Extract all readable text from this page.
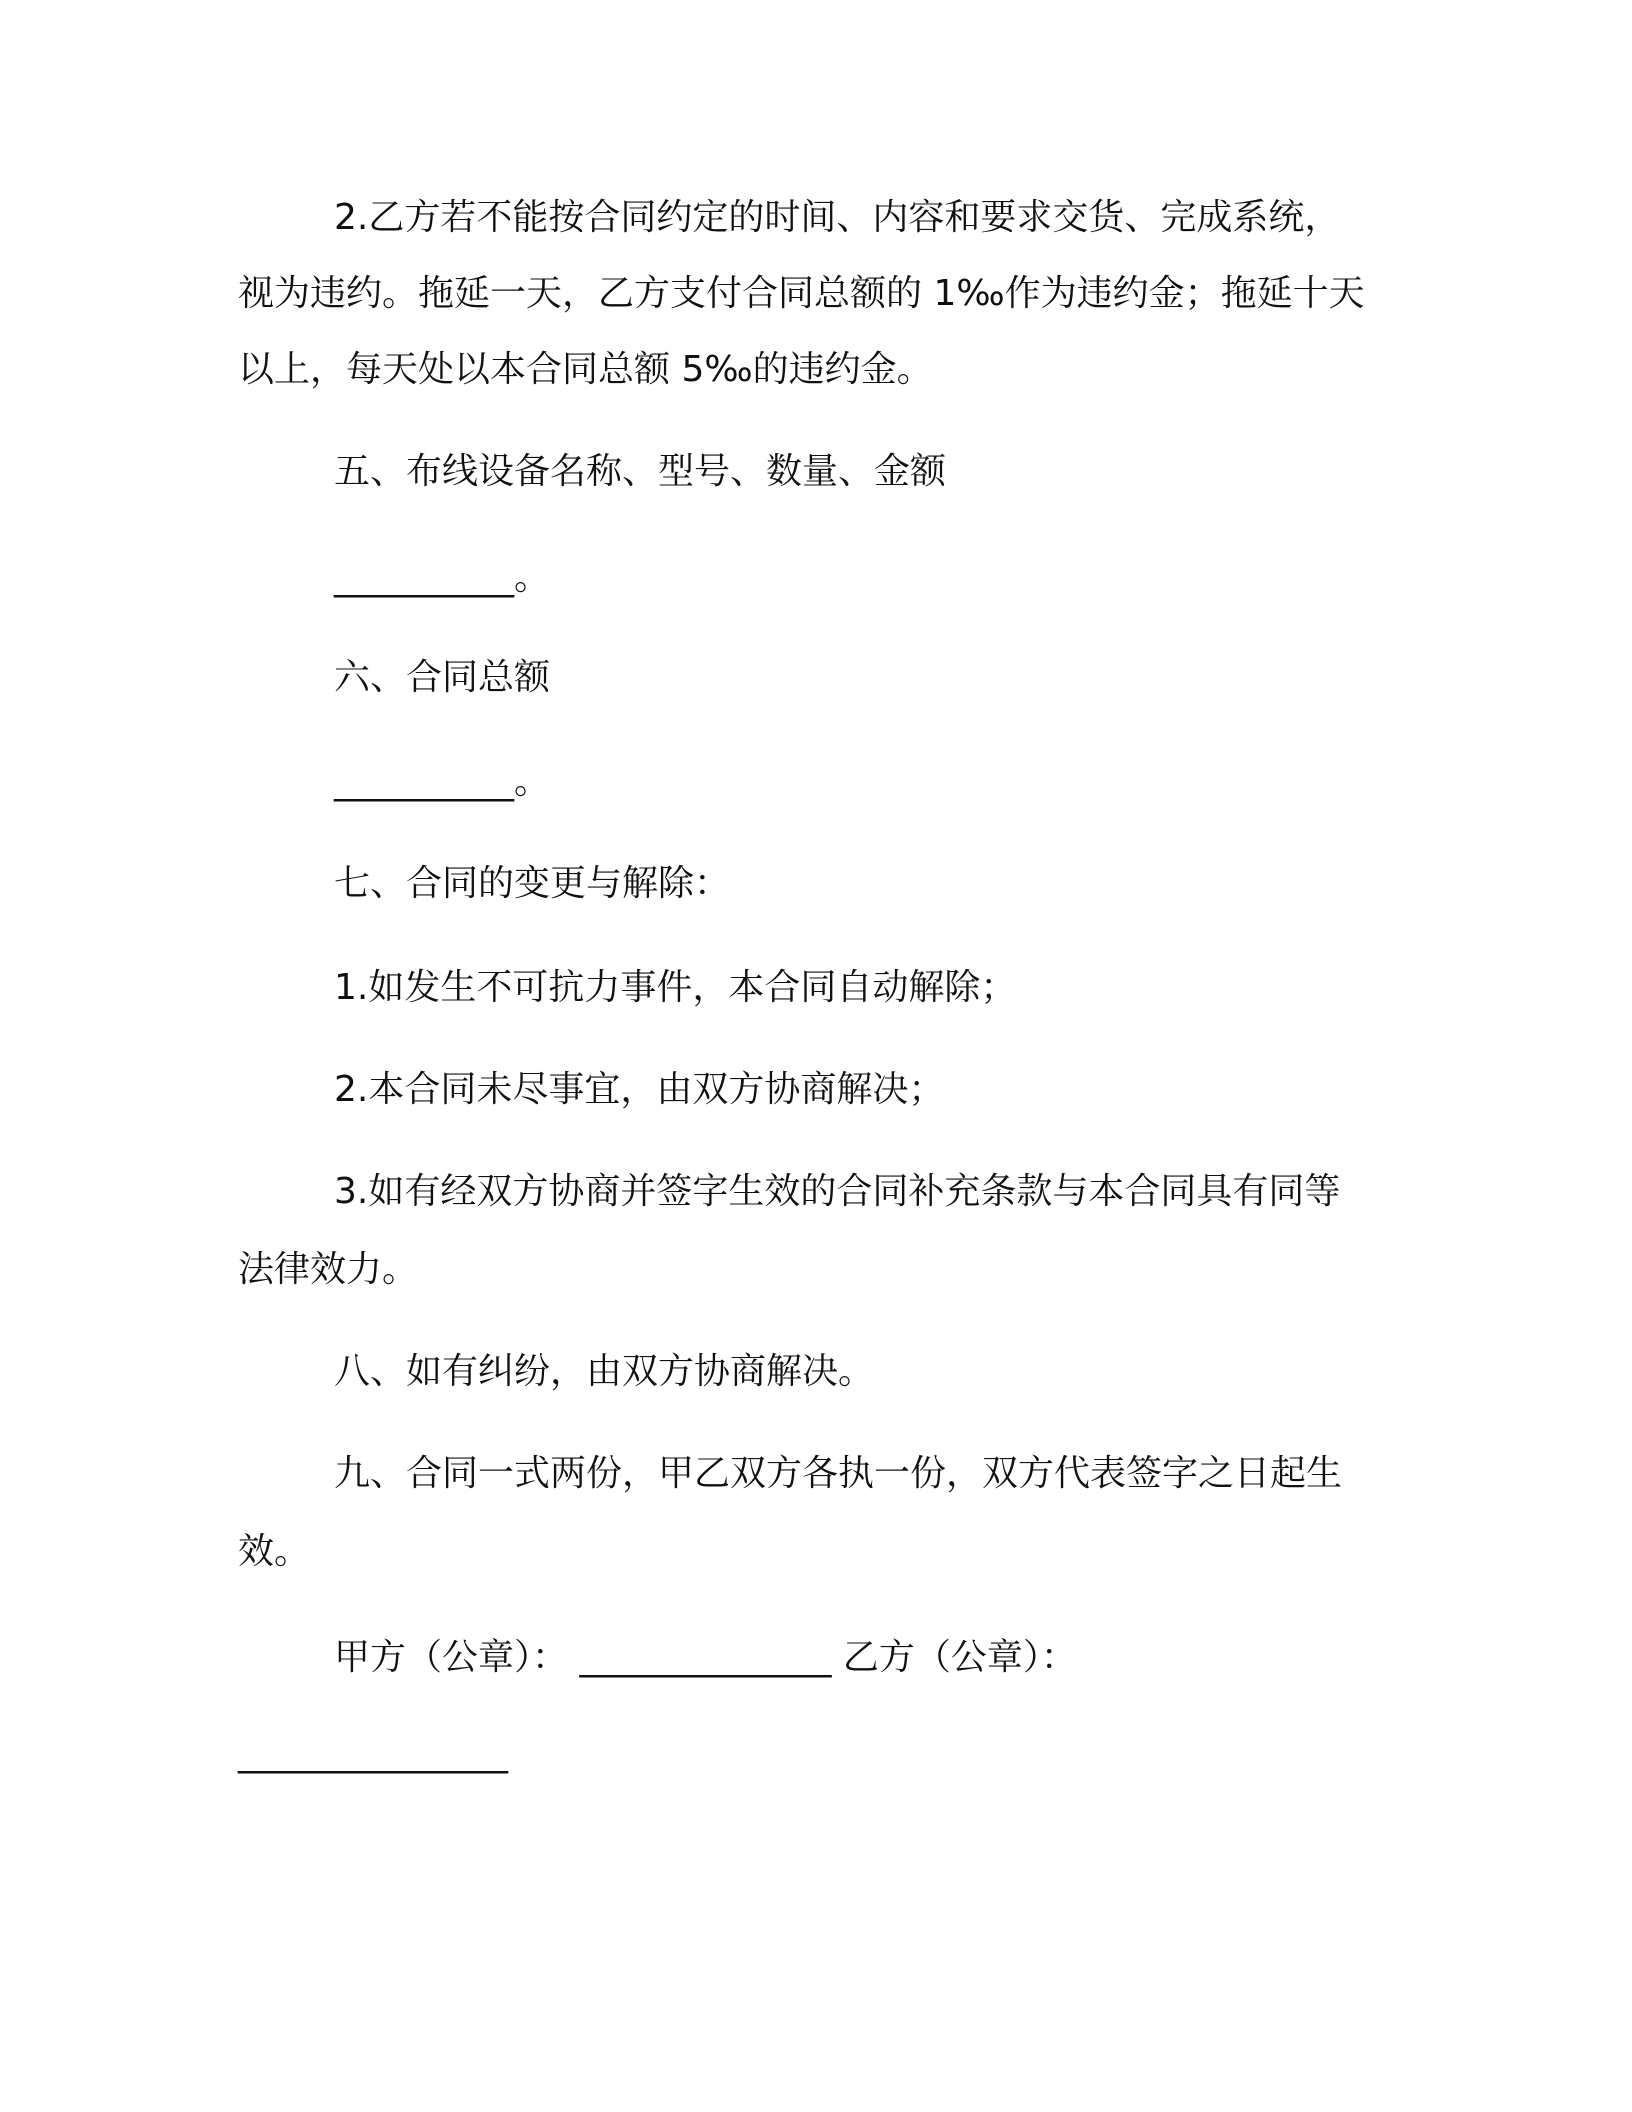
2.乙方若不能按合同约定的时间、内容和要求交货、完成系统，
视为违约。拖延一天，乙方支付合同总额的 1‰作为违约金；拖延十天
以上，每天处以本合同总额 5‰的违约金。
五、布线设备名称、型号、数量、金额
__________。
六、合同总额
__________。
七、合同的变更与解除：
1.如发生不可抗力事件，本合同自动解除；
2.本合同未尽事宜，由双方协商解决；
3.如有经双方协商并签字生效的合同补充条款与本合同具有同等
法律效力。
八、如有纠纷，由双方协商解决。
九、合同一式两份，甲乙双方各执一份，双方代表签字之日起生
效。
甲方（公章）： ______________ 乙方（公章）：
_______________
